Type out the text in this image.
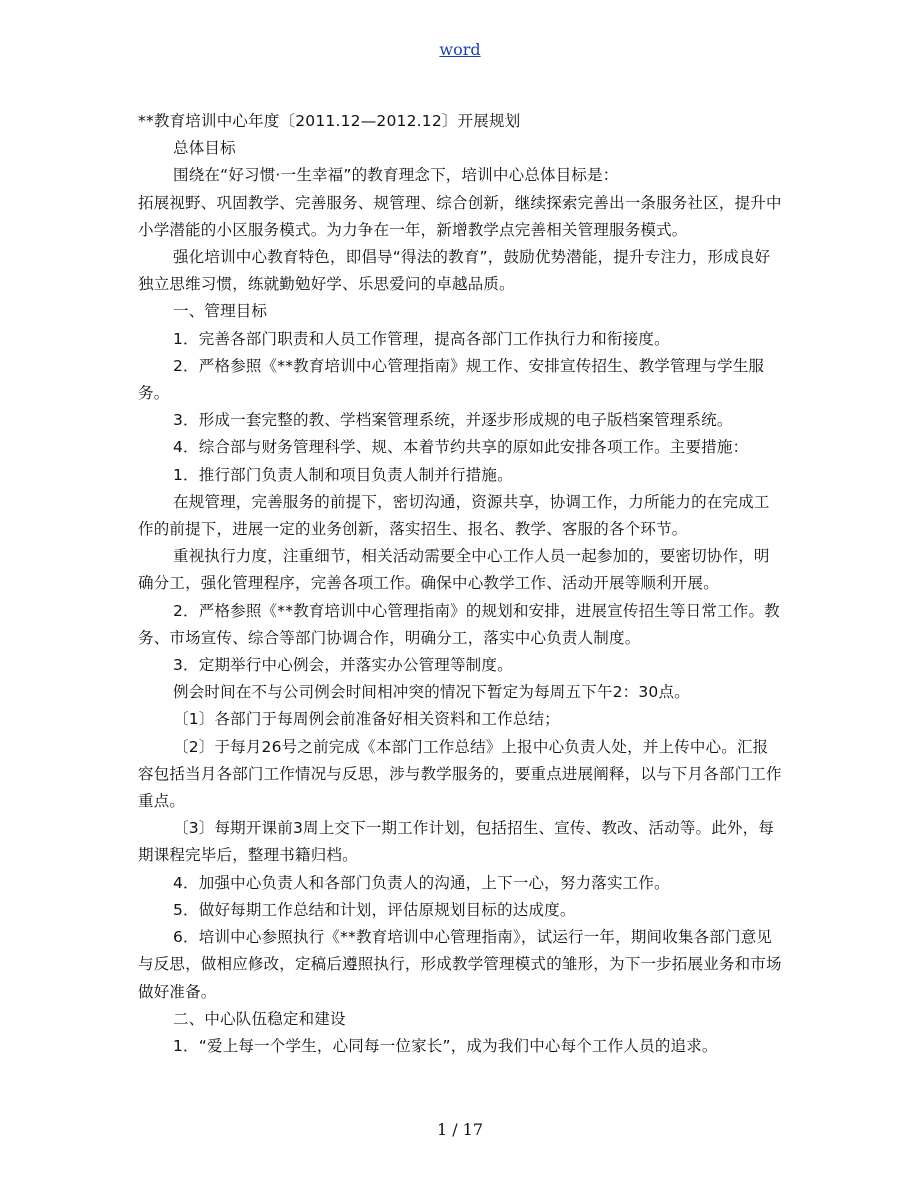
word

**教育培训中心年度〔2011.12—2012.12〕开展规划

总体目标

围绕在“好习惯·一生幸福”的教育理念下，培训中心总体目标是：

拓展视野、巩固教学、完善服务、规管理、综合创新，继续探索完善出一条服务社区，提升中小学潜能的小区服务模式。为力争在一年，新增教学点完善相关管理服务模式。

强化培训中心教育特色，即倡导“得法的教育”，鼓励优势潜能，提升专注力，形成良好独立思维习惯，练就勤勉好学、乐思爱问的卓越品质。

一、管理目标

1．完善各部门职责和人员工作管理，提高各部门工作执行力和衔接度。

2．严格参照《**教育培训中心管理指南》规工作、安排宣传招生、教学管理与学生服务。

3．形成一套完整的教、学档案管理系统，并逐步形成规的电子版档案管理系统。

4．综合部与财务管理科学、规、本着节约共享的原如此安排各项工作。主要措施：

1．推行部门负责人制和项目负责人制并行措施。

在规管理，完善服务的前提下，密切沟通，资源共享，协调工作，力所能力的在完成工作的前提下，进展一定的业务创新，落实招生、报名、教学、客服的各个环节。

重视执行力度，注重细节，相关活动需要全中心工作人员一起参加的，要密切协作，明确分工，强化管理程序，完善各项工作。确保中心教学工作、活动开展等顺利开展。

2．严格参照《**教育培训中心管理指南》的规划和安排，进展宣传招生等日常工作。教务、市场宣传、综合等部门协调合作，明确分工，落实中心负责人制度。

3．定期举行中心例会，并落实办公管理等制度。

例会时间在不与公司例会时间相冲突的情况下暂定为每周五下午2：30点。

〔1〕各部门于每周例会前准备好相关资料和工作总结；

〔2〕于每月26号之前完成《本部门工作总结》上报中心负责人处，并上传中心。汇报容包括当月各部门工作情况与反思，涉与教学服务的，要重点进展阐释，以与下月各部门工作重点。

〔3〕每期开课前3周上交下一期工作计划，包括招生、宣传、教改、活动等。此外，每期课程完毕后，整理书籍归档。

4．加强中心负责人和各部门负责人的沟通，上下一心，努力落实工作。

5．做好每期工作总结和计划，评估原规划目标的达成度。

6．培训中心参照执行《**教育培训中心管理指南》，试运行一年，期间收集各部门意见与反思，做相应修改，定稿后遵照执行，形成教学管理模式的雏形，为下一步拓展业务和市场做好准备。

二、中心队伍稳定和建设

1．“爱上每一个学生，心同每一位家长”，成为我们中心每个工作人员的追求。

1 / 17
